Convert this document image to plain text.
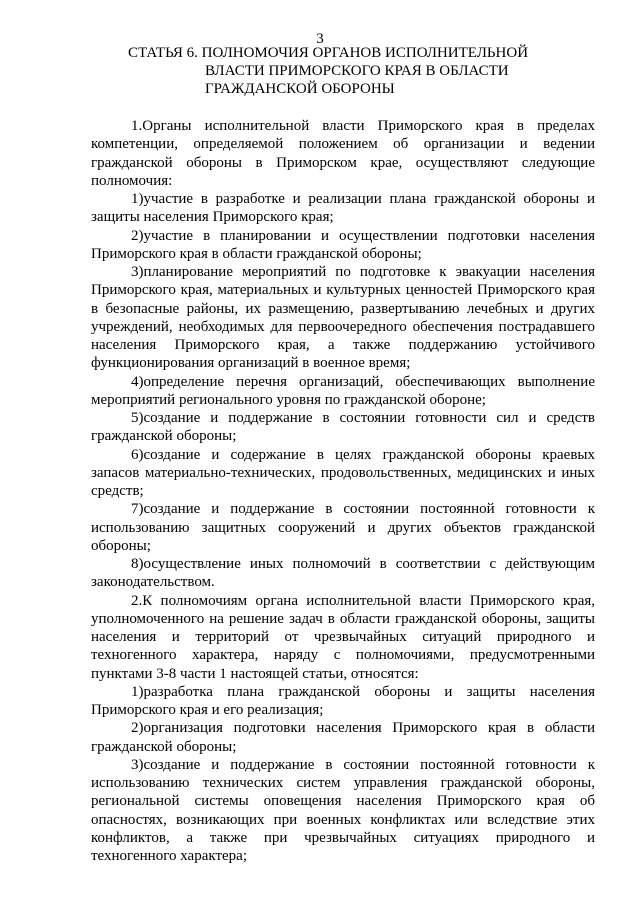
3
СТАТЬЯ 6. ПОЛНОМОЧИЯ ОРГАНОВ ИСПОЛНИТЕЛЬНОЙ
ВЛАСТИ ПРИМОРСКОГО КРАЯ В ОБЛАСТИ
ГРАЖДАНСКОЙ ОБОРОНЫ
1.Органы исполнительной власти Приморского края в пределах
компетенции, определяемой положением об организации и ведении
гражданской обороны в Приморском крае, осуществляют следующие
полномочия:
1)участие в разработке и реализации плана гражданской обороны и
защиты населения Приморского края;
2)участие в планировании и осуществлении подготовки населения
Приморского края в области гражданской обороны;
3)планирование мероприятий по подготовке к эвакуации населения
Приморского края, материальных и культурных ценностей Приморского края
в безопасные районы, их размещению, развертыванию лечебных и других
учреждений, необходимых для первоочередного обеспечения пострадавшего
населения Приморского края, а также поддержанию устойчивого
функционирования организаций в военное время;
4)определение перечня организаций, обеспечивающих выполнение
мероприятий регионального уровня по гражданской обороне;
5)создание и поддержание в состоянии готовности сил и средств
гражданской обороны;
6)создание и содержание в целях гражданской обороны краевых
запасов материально-технических, продовольственных, медицинских и иных
средств;
7)создание и поддержание в состоянии постоянной готовности к
использованию защитных сооружений и других объектов гражданской
обороны;
8)осуществление иных полномочий в соответствии с действующим
законодательством.
2.К полномочиям органа исполнительной власти Приморского края,
уполномоченного на решение задач в области гражданской обороны, защиты
населения и территорий от чрезвычайных ситуаций природного и
техногенного характера, наряду с полномочиями, предусмотренными
пунктами 3-8 части 1 настоящей статьи, относятся:
1)разработка плана гражданской обороны и защиты населения
Приморского края и его реализация;
2)организация подготовки населения Приморского края в области
гражданской обороны;
3)создание и поддержание в состоянии постоянной готовности к
использованию технических систем управления гражданской обороны,
региональной системы оповещения населения Приморского края об
опасностях, возникающих при военных конфликтах или вследствие этих
конфликтов, а также при чрезвычайных ситуациях природного и
техногенного характера;
